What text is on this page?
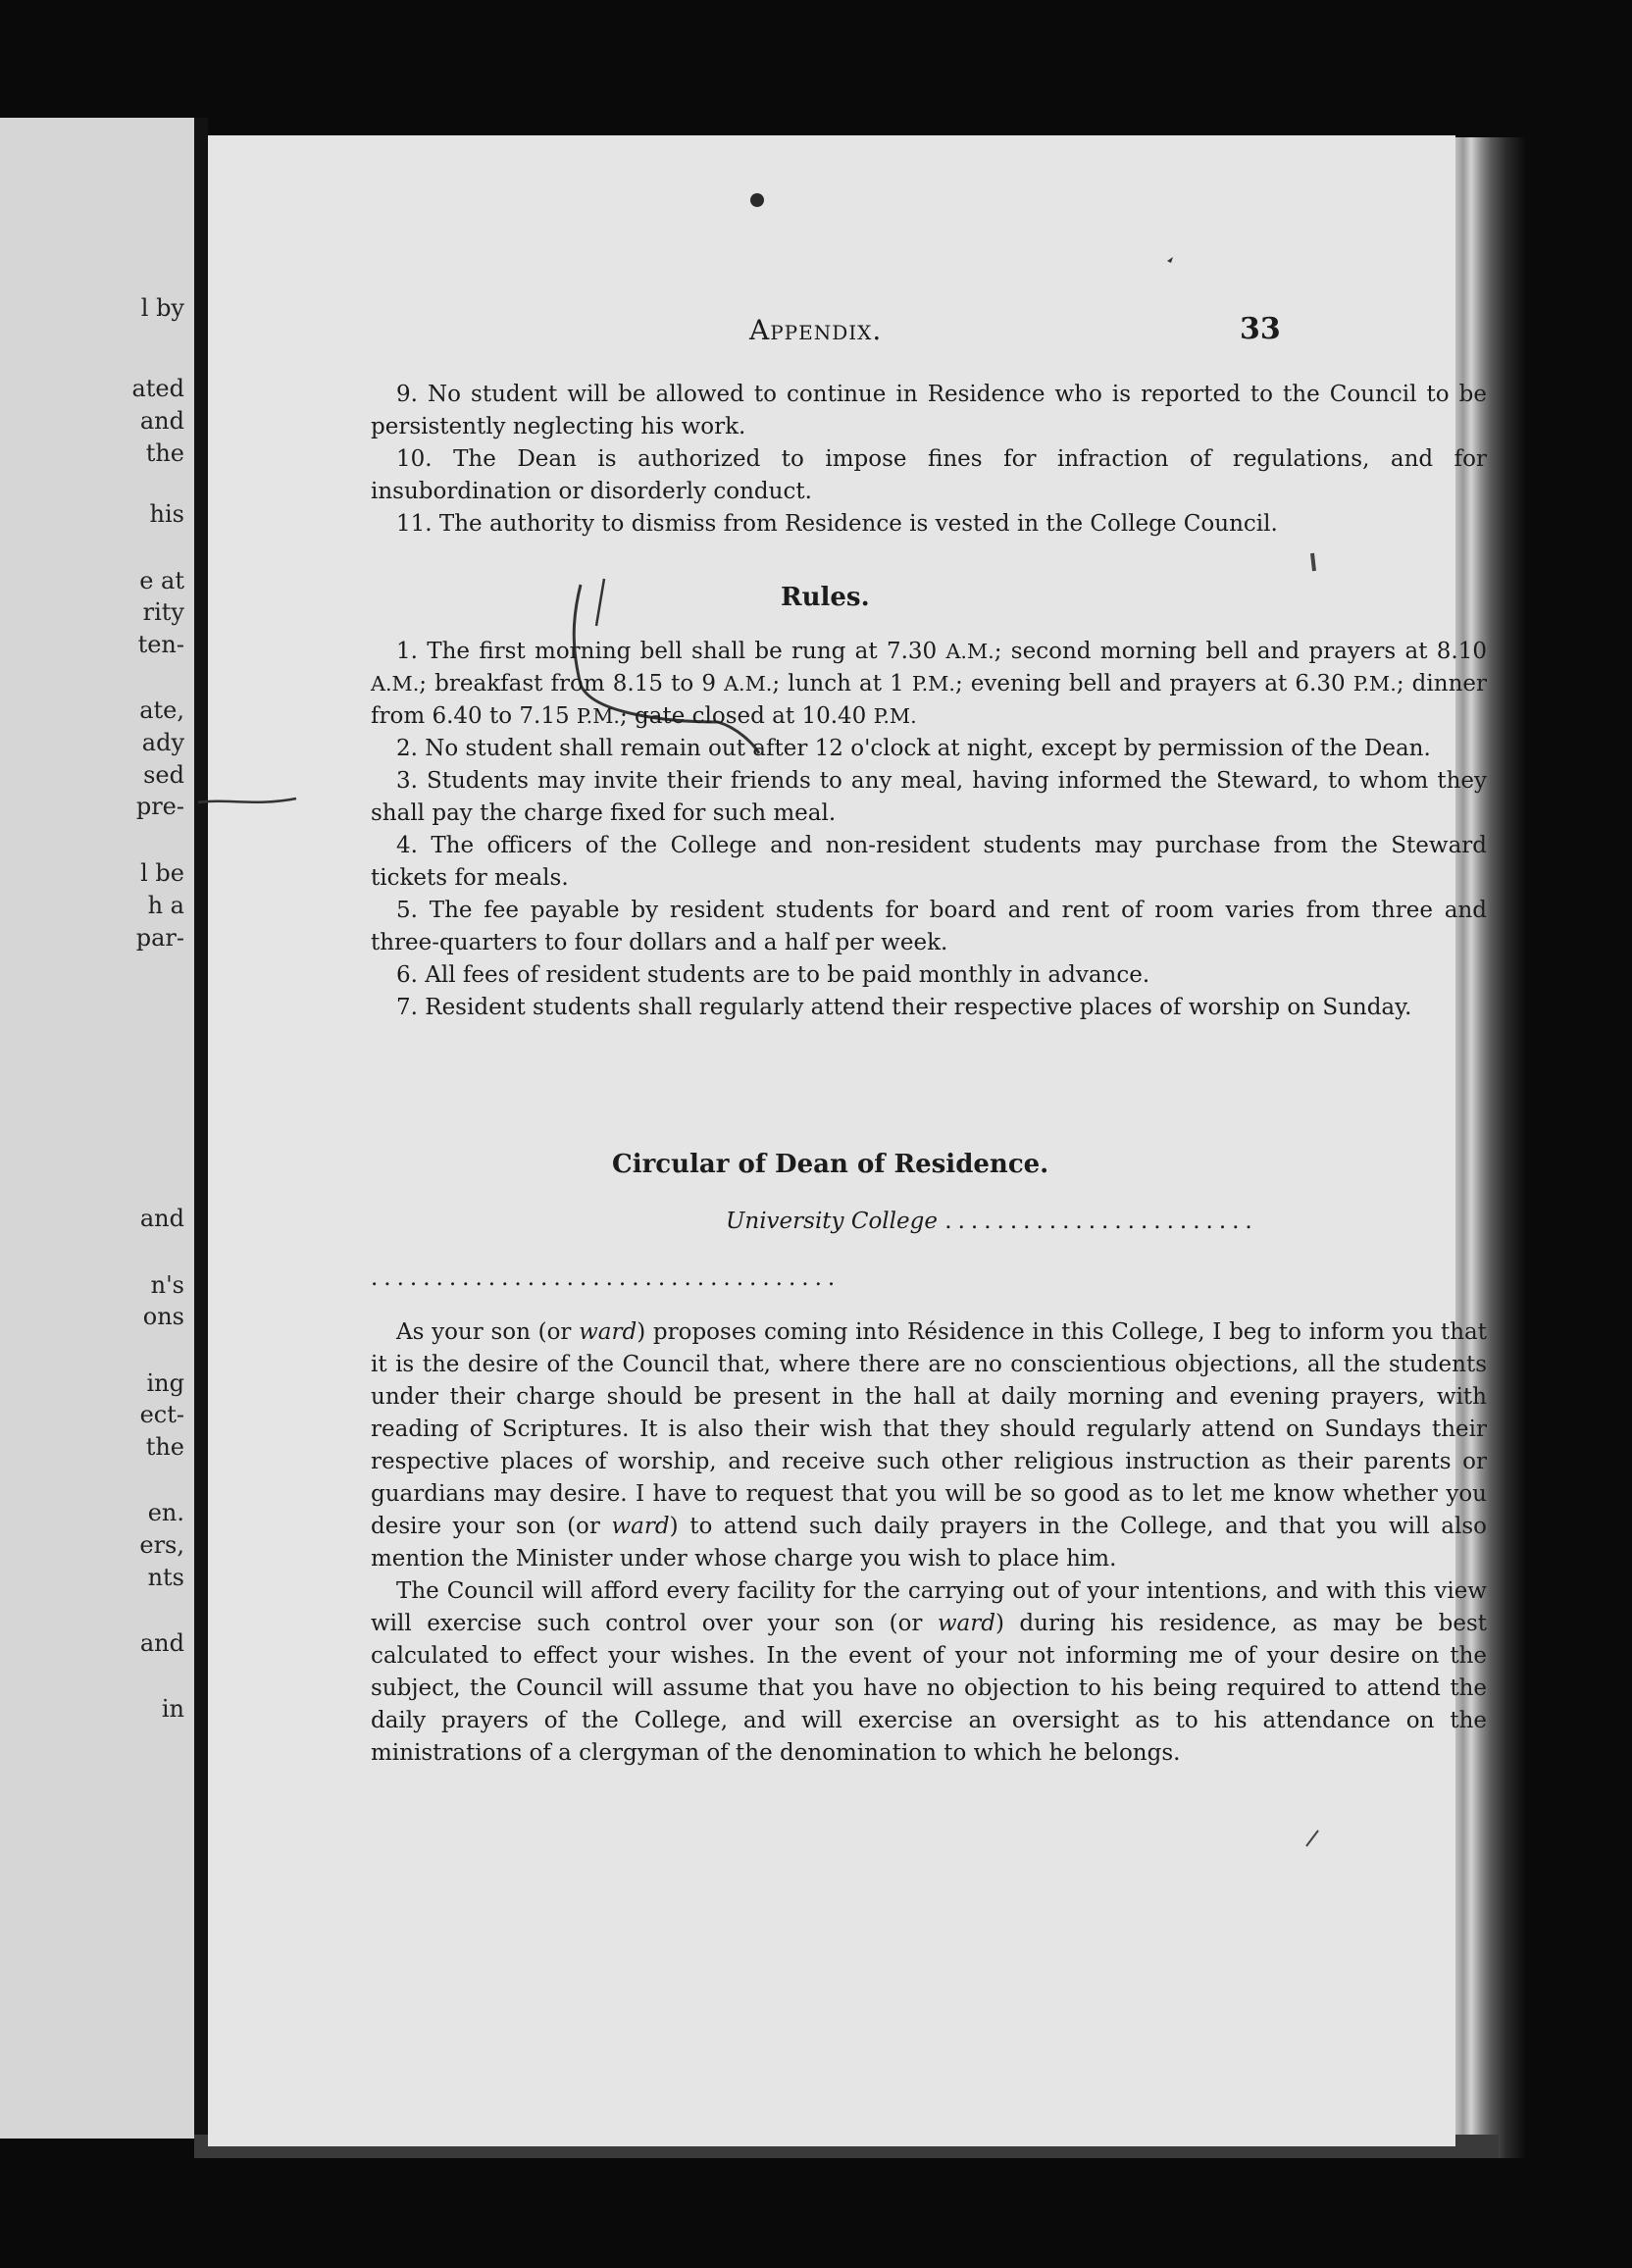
l by

ated

and

the

his

e at

rity

ten-

ate,

ady

sed

pre-

l be

h a

par-

and

n's

ons

ing

ect-

the

en.

ers,

nts

and

in

Appendix.	33

9. No student will be allowed to continue in Residence who is reported to the Council to be persistently neglecting his work.

10. The Dean is authorized to impose fines for infraction of regulations, and for insubordination or disorderly conduct.

11. The authority to dismiss from Residence is vested in the College Council.

Rules.

1. The first morning bell shall be rung at 7.30 A.M.; second morning bell and prayers at 8.10 A.M.; breakfast from 8.15 to 9 A.M.; lunch at 1 P.M.; evening bell and prayers at 6.30 P.M.; dinner from 6.40 to 7.15 P.M.; gate closed at 10.40 P.M.

2. No student shall remain out after 12 o'clock at night, except by permission of the Dean.

3. Students may invite their friends to any meal, having informed the Steward, to whom they shall pay the charge fixed for such meal.

4. The officers of the College and non-resident students may purchase from the Steward tickets for meals.

5. The fee payable by resident students for board and rent of room varies from three and three-quarters to four dollars and a half per week.

6. All fees of resident students are to be paid monthly in advance.

7. Resident students shall regularly attend their respective places of worship on Sunday.

Circular of Dean of Residence.

University College ........................

....................................

As your son (or ward) proposes coming into Résidence in this College, I beg to inform you that it is the desire of the Council that, where there are no conscientious objections, all the students under their charge should be present in the hall at daily morning and evening prayers, with reading of Scriptures. It is also their wish that they should regularly attend on Sundays their respective places of worship, and receive such other religious instruction as their parents or guardians may desire. I have to request that you will be so good as to let me know whether you desire your son (or ward) to attend such daily prayers in the College, and that you will also mention the Minister under whose charge you wish to place him.

The Council will afford every facility for the carrying out of your intentions, and with this view will exercise such control over your son (or ward) during his residence, as may be best calculated to effect your wishes. In the event of your not informing me of your desire on the subject, the Council will assume that you have no objection to his being required to attend the daily prayers of the College, and will exercise an oversight as to his attendance on the ministrations of a clergyman of the denomination to which he belongs.
